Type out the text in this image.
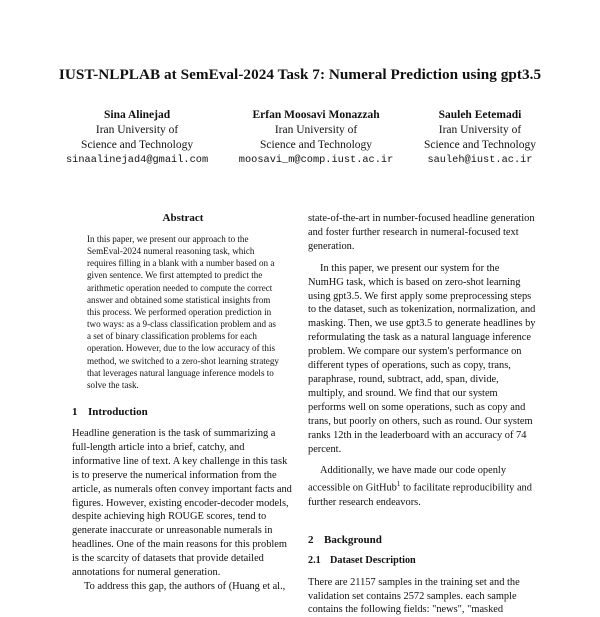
IUST-NLPLAB at SemEval-2024 Task 7: Numeral Prediction using gpt3.5
Sina Alinejad
Iran University of
Science and Technology
sinaalinejad4@gmail.com
Erfan Moosavi Monazzah
Iran University of
Science and Technology
moosavi_m@comp.iust.ac.ir
Sauleh Eetemadi
Iran University of
Science and Technology
sauleh@iust.ac.ir
Abstract

In this paper, we present our approach to the SemEval-2024 numeral reasoning task, which requires filling in a blank with a number based on a given sentence. We first attempted to predict the arithmetic operation needed to compute the correct answer and obtained some statistical insights from this process. We performed operation prediction in two ways: as a 9-class classification problem and as a set of binary classification problems for each operation. However, due to the low accuracy of this method, we switched to a zero-shot learning strategy that leverages natural language inference models to solve the task.

1 Introduction

Headline generation is the task of summarizing a full-length article into a brief, catchy, and informative line of text. A key challenge in this task is to preserve the numerical information from the article, as numerals often convey important facts and figures. However, existing encoder-decoder models, despite achieving high ROUGE scores, tend to generate inaccurate or unreasonable numerals in headlines. One of the main reasons for this problem is the scarcity of datasets that provide detailed annotations for numeral generation.

To address this gap, the authors of (Huang et al.,

state-of-the-art in number-focused headline generation and foster further research in numeral-focused text generation.

In this paper, we present our system for the NumHG task, which is based on zero-shot learning using gpt3.5. We first apply some preprocessing steps to the dataset, such as tokenization, normalization, and masking. Then, we use gpt3.5 to generate headlines by reformulating the task as a natural language inference problem. We compare our system's performance on different types of operations, such as copy, trans, paraphrase, round, subtract, add, span, divide, multiply, and sround. We find that our system performs well on some operations, such as copy and trans, but poorly on others, such as round. Our system ranks 12th in the leaderboard with an accuracy of 74 percent.

Additionally, we have made our code openly accessible on GitHub$^1$ to facilitate reproducibility and further research endeavors.

2 Background
2.1 Dataset Description

There are 21157 samples in the training set and the validation set contains 2572 samples. each sample contains the following fields: "news", "masked
